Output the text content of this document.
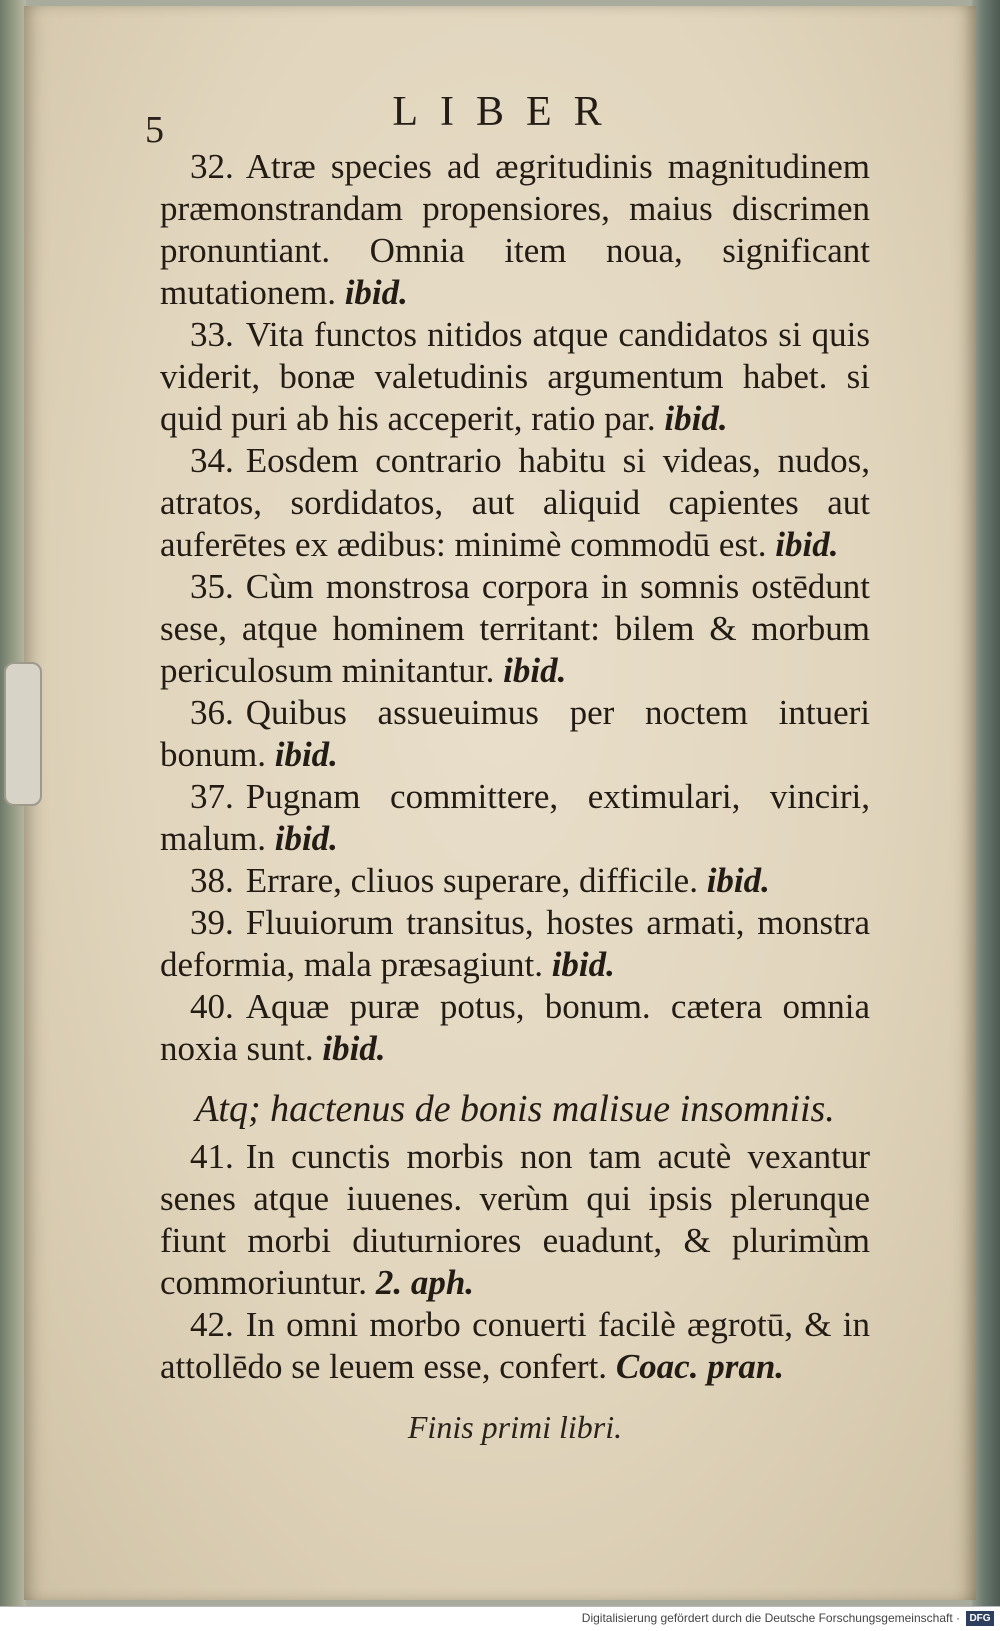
5	LIBER

32. Atræ species ad ægritudinis magnitudinem præmonstrandam propensiores, maius discrimen pronuntiant. Omnia item noua, significant mutationem. ibid.

33. Vita functos nitidos atque candidatos si quis viderit, bonæ valetudinis argumentum habet. si quid puri ab his acceperit, ratio par. ibid.

34. Eosdem contrario habitu si videas, nudos, atratos, sordidatos, aut aliquid capientes aut auferētes ex ædibus: minimè commodū est. ibid.

35. Cùm monstrosa corpora in somnis ostēdunt sese, atque hominem territant: bilem & morbum periculosum minitantur. ibid.

36. Quibus assueuimus per noctem intueri bonum. ibid.

37. Pugnam committere, extimulari, vinciri, malum. ibid.

38. Errare, cliuos superare, difficile. ibid.

39. Fluuiorum transitus, hostes armati, monstra deformia, mala præsagiunt. ibid.

40. Aquæ puræ potus, bonum. cætera omnia noxia sunt. ibid.

Atq; hactenus de bonis malisue insomniis.

41. In cunctis morbis non tam acutè vexantur senes atque iuuenes. verùm qui ipsis plerunque fiunt morbi diuturniores euadunt, & plurimùm commoriuntur. 2. aph.

42. In omni morbo conuerti facilè ægrotū, & in attollēdo se leuem esse, confert. Coac. pran.

Finis primi libri.
Digitalisierung gefördert durch die Deutsche Forschungsgemeinschaft · DFG
